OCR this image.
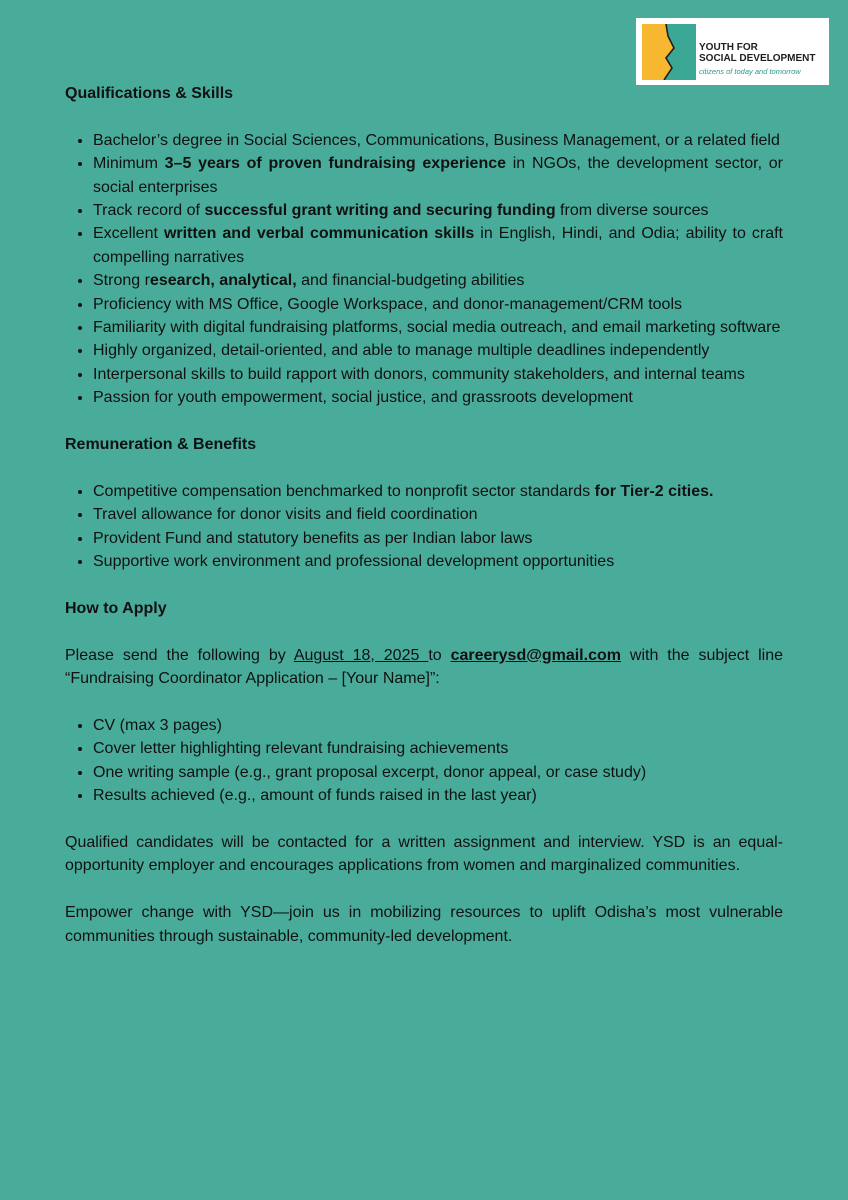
YOUTH FOR
SOCIAL DEVELOPMENT
citizens of today and tomorrow
Qualifications & Skills
• Bachelor’s degree in Social Sciences, Communications, Business Management, or a related field
• Minimum 3–5 years of proven fundraising experience in NGOs, the development sector, or social enterprises
• Track record of successful grant writing and securing funding from diverse sources
• Excellent written and verbal communication skills in English, Hindi, and Odia; ability to craft compelling narratives
• Strong research, analytical, and financial-budgeting abilities
• Proficiency with MS Office, Google Workspace, and donor-management/CRM tools
• Familiarity with digital fundraising platforms, social media outreach, and email marketing software
• Highly organized, detail-oriented, and able to manage multiple deadlines independently
• Interpersonal skills to build rapport with donors, community stakeholders, and internal teams
• Passion for youth empowerment, social justice, and grassroots development
Remuneration & Benefits
• Competitive compensation benchmarked to nonprofit sector standards for Tier-2 cities.
• Travel allowance for donor visits and field coordination
• Provident Fund and statutory benefits as per Indian labor laws
• Supportive work environment and professional development opportunities
How to Apply

Please send the following by August 18, 2025 to careerysd@gmail.com with the subject line “Fundraising Coordinator Application – [Your Name]”:

• CV (max 3 pages)
• Cover letter highlighting relevant fundraising achievements
• One writing sample (e.g., grant proposal excerpt, donor appeal, or case study)
• Results achieved (e.g., amount of funds raised in the last year)

Qualified candidates will be contacted for a written assignment and interview. YSD is an equal-opportunity employer and encourages applications from women and marginalized communities.

Empower change with YSD—join us in mobilizing resources to uplift Odisha’s most vulnerable communities through sustainable, community-led development.
